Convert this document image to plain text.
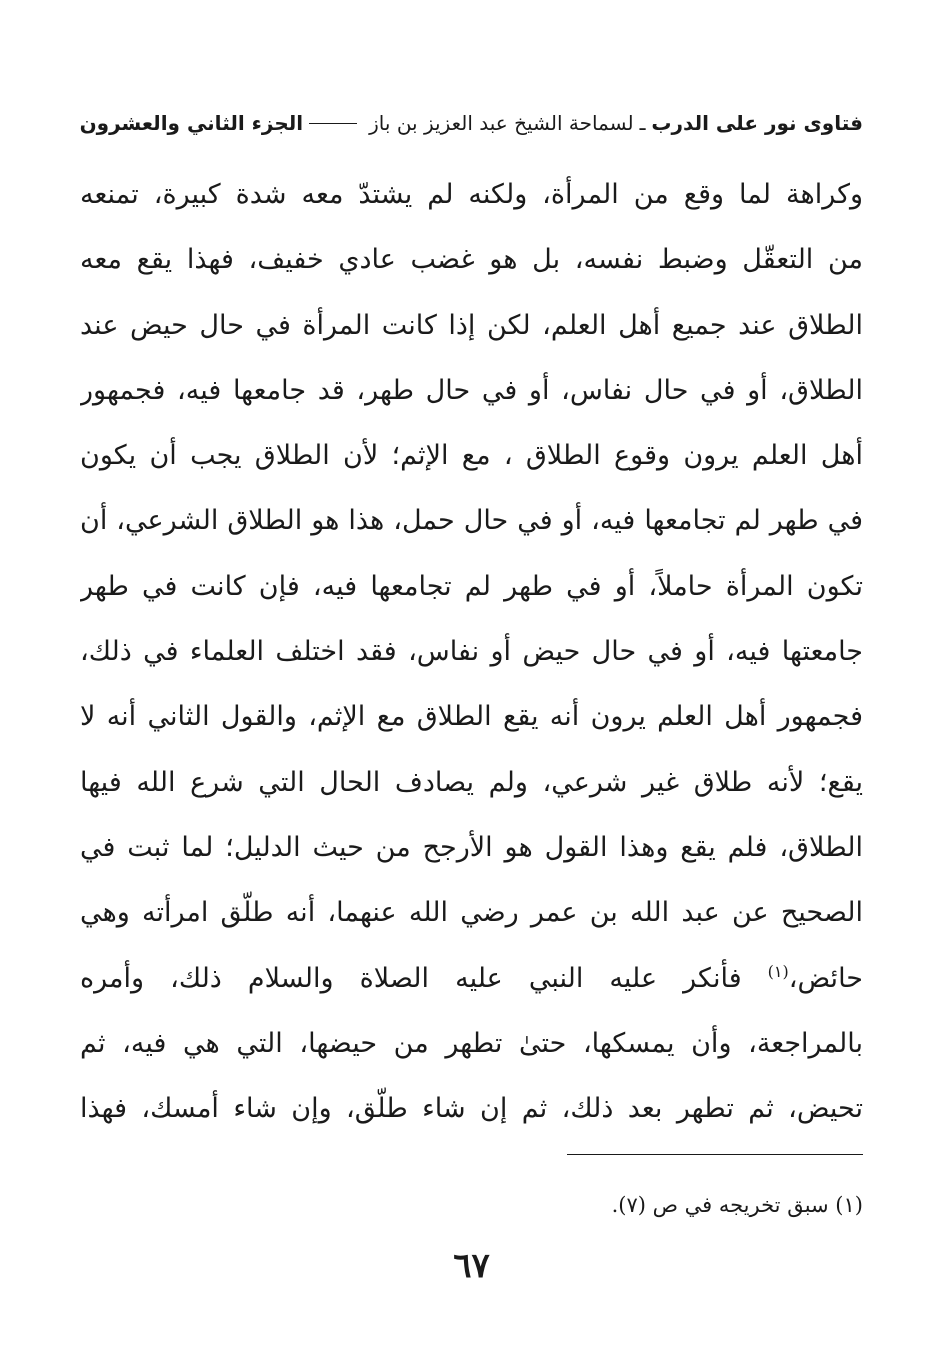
فتاوى نور على الدرب
ـ
لسماحة الشيخ عبد العزيز بن باز
الجزء الثاني والعشرون
وكراهة لما وقع من المرأة، ولكنه لم يشتدّ معه شدة كبيرة، تمنعه
من التعقّل وضبط نفسه، بل هو غضب عادي خفيف، فهذا يقع معه
الطلاق عند جميع أهل العلم، لكن إذا كانت المرأة في حال حيض عند
الطلاق، أو في حال نفاس، أو في حال طهر، قد جامعها فيه، فجمهور
أهل العلم يرون وقوع الطلاق ، مع الإثم؛ لأن الطلاق يجب أن يكون
في طهر لم تجامعها فيه، أو في حال حمل، هذا هو الطلاق الشرعي، أن
تكون المرأة حاملاً، أو في طهر لم تجامعها فيه، فإن كانت في طهر
جامعتها فيه، أو في حال حيض أو نفاس، فقد اختلف العلماء في ذلك،
فجمهور أهل العلم يرون أنه يقع الطلاق مع الإثم، والقول الثاني أنه لا
يقع؛ لأنه طلاق غير شرعي، ولم يصادف الحال التي شرع الله فيها
الطلاق، فلم يقع وهذا القول هو الأرجح من حيث الدليل؛ لما ثبت في
الصحيح عن عبد الله بن عمر رضي الله عنهما، أنه طلّق امرأته وهي
حائض،$^{(١)}$ فأنكر عليه النبي عليه الصلاة والسلام ذلك، وأمره
بالمراجعة، وأن يمسكها، حتىٰ تطهر من حيضها، التي هي فيه، ثم
تحيض، ثم تطهر بعد ذلك، ثم إن شاء طلّق، وإن شاء أمسك، فهذا
(١) سبق تخريجه في ص (٧).
٦٧
